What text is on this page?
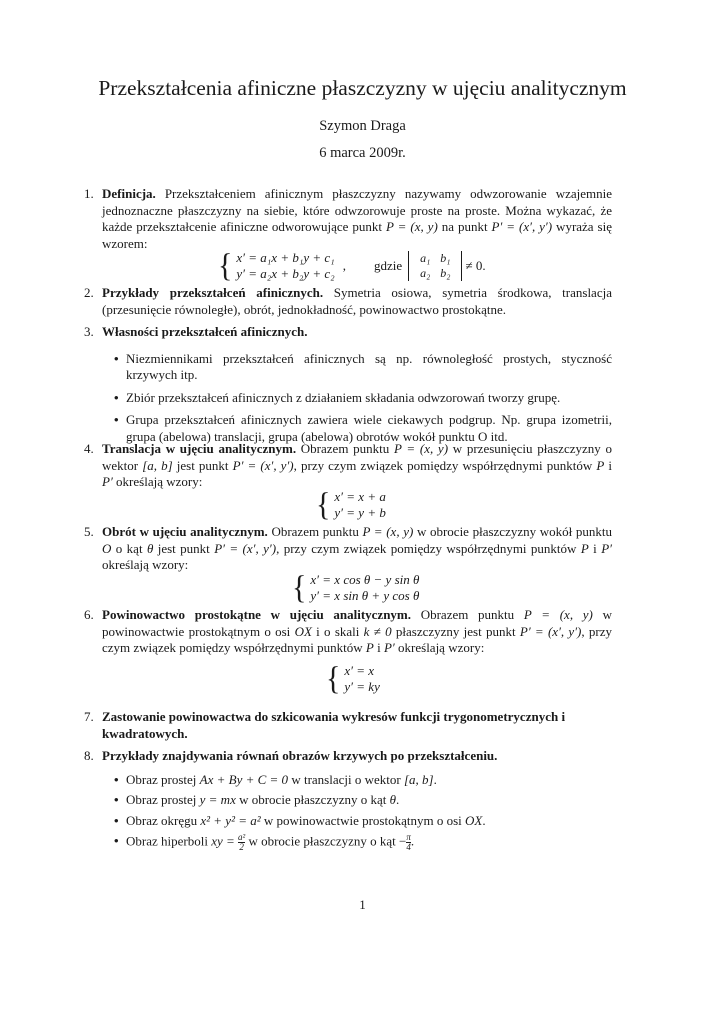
Przekształcenia afiniczne płaszczyzny w ujęciu analitycznym
Szymon Draga
6 marca 2009r.
1. Definicja. Przekształceniem afinicznym płaszczyzny nazywamy odwzorowanie wzajemnie jednoznaczne płaszczyzny na siebie, które odwzorowuje proste na proste. Można wykazać, że każde przekształcenie afiniczne odworowujące punkt P = (x, y) na punkt P′ = (x′, y′) wyraża się wzorem:
{ x′ = a₁x + b₁y + c₁
y′ = a₂x + b₂y + c₂
, gdzie a₁	b₁
a₂	b₂ ≠ 0.
2. Przykłady przekształceń afinicznych. Symetria osiowa, symetria środkowa, translacja (przesunięcie równoległe), obrót, jednokładność, powinowactwo prostokątne.
3. Własności przekształceń afinicznych.
• Niezmiennikami przekształceń afinicznych są np. równoległość prostych, styczność krzywych itp.
• Zbiór przekształceń afinicznych z działaniem składania odwzorowań tworzy grupę.
• Grupa przekształceń afinicznych zawiera wiele ciekawych podgrup. Np. grupa izometrii, grupa (abelowa) translacji, grupa (abelowa) obrotów wokół punktu O itd.
4. Translacja w ujęciu analitycznym. Obrazem punktu P = (x, y) w przesunięciu płaszczyzny o wektor [a, b] jest punkt P′ = (x′, y′), przy czym związek pomiędzy współrzędnymi punktów P i P′ określają wzory:
{ x′ = x + a
y′ = y + b
5. Obrót w ujęciu analitycznym. Obrazem punktu P = (x, y) w obrocie płaszczyzny wokół punktu O o kąt θ jest punkt P′ = (x′, y′), przy czym związek pomiędzy współrzędnymi punktów P i P′ określają wzory:
{ x′ = x cos θ − y sin θ
y′ = x sin θ + y cos θ
6. Powinowactwo prostokątne w ujęciu analitycznym. Obrazem punktu P = (x, y) w powinowactwie prostokątnym o osi OX i o skali k ≠ 0 płaszczyzny jest punkt P′ = (x′, y′), przy czym związek pomiędzy współrzędnymi punktów P i P′ określają wzory:
{ x′ = x
y′ = ky
7. Zastowanie powinowactwa do szkicowania wykresów funkcji trygonometrycznych i kwadratowych.
8. Przykłady znajdywania równań obrazów krzywych po przekształceniu.
• Obraz prostej Ax + By + C = 0 w translacji o wektor [a, b].
• Obraz prostej y = mx w obrocie płaszczyzny o kąt θ.
• Obraz okręgu x² + y² = a² w powinowactwie prostokątnym o osi OX.
• Obraz hiperboli xy = $\frac{\text{a²}}{2}$ w obrocie płaszczyzny o kąt − $\frac{\pi}{4}$ .
1
